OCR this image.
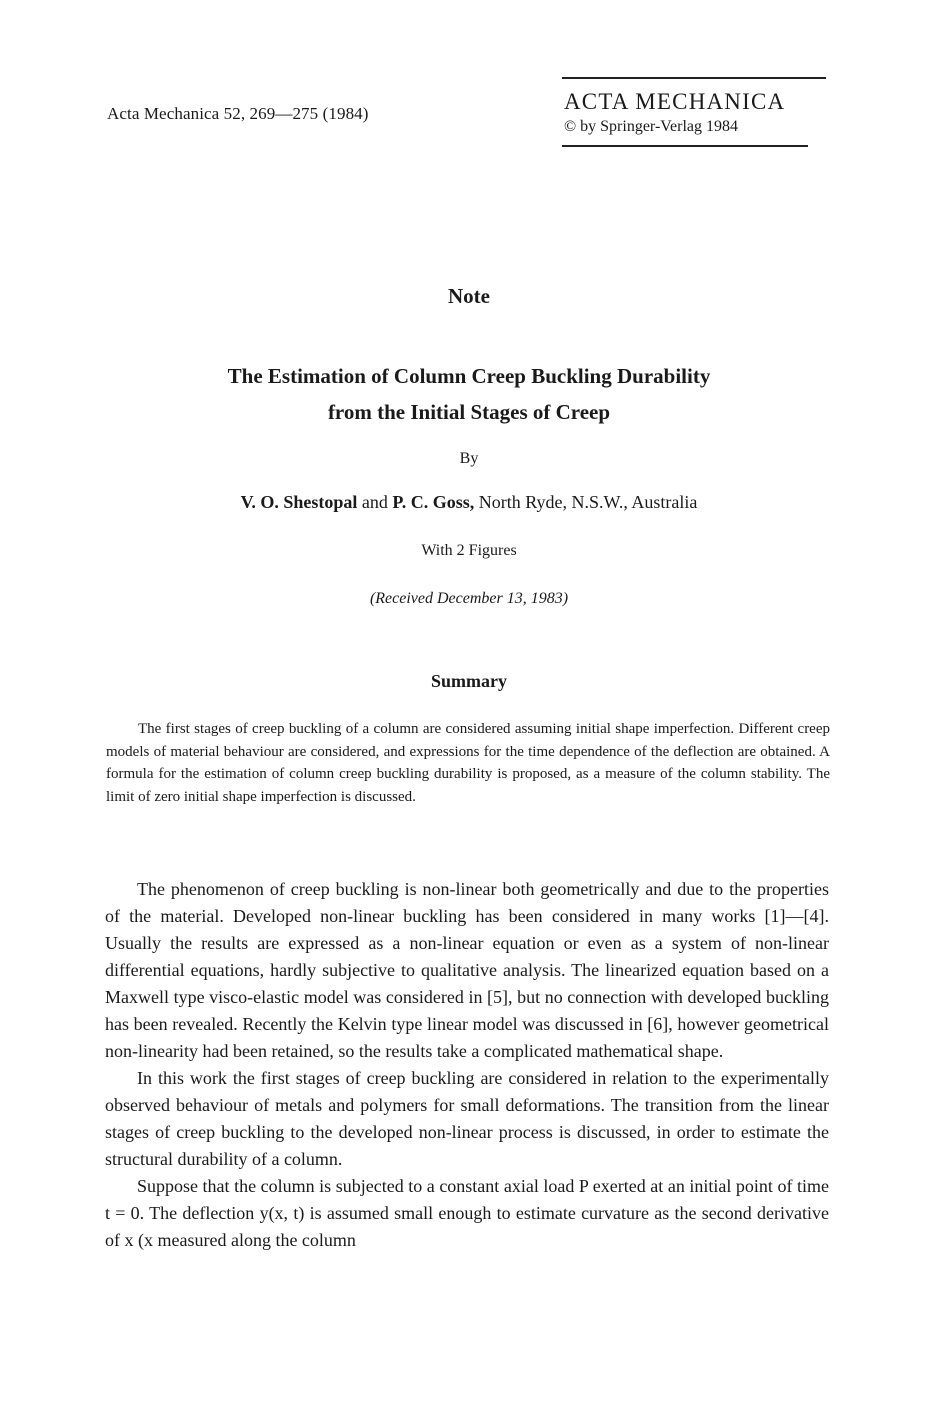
Acta Mechanica 52, 269—275 (1984)	ACTA MECHANICA
© by Springer-Verlag 1984
Note
The Estimation of Column Creep Buckling Durability
from the Initial Stages of Creep
By
V. O. Shestopal and P. C. Goss, North Ryde, N.S.W., Australia
With 2 Figures
(Received December 13, 1983)
Summary
The first stages of creep buckling of a column are considered assuming initial shape imperfection. Different creep models of material behaviour are considered, and expressions for the time dependence of the deflection are obtained. A formula for the estimation of column creep buckling durability is proposed, as a measure of the column stability. The limit of zero initial shape imperfection is discussed.

The phenomenon of creep buckling is non-linear both geometrically and due to the properties of the material. Developed non-linear buckling has been considered in many works [1]—[4]. Usually the results are expressed as a non-linear equation or even as a system of non-linear differential equations, hardly subjective to qualitative analysis. The linearized equation based on a Maxwell type visco-elastic model was considered in [5], but no connection with developed buckling has been revealed. Recently the Kelvin type linear model was discussed in [6], however geometrical non-linearity had been retained, so the results take a complicated mathematical shape.

In this work the first stages of creep buckling are considered in relation to the experimentally observed behaviour of metals and polymers for small deformations. The transition from the linear stages of creep buckling to the developed non-linear process is discussed, in order to estimate the structural durability of a column.

Suppose that the column is subjected to a constant axial load P exerted at an initial point of time t = 0. The deflection y(x, t) is assumed small enough to estimate curvature as the second derivative of x (x measured along the column
